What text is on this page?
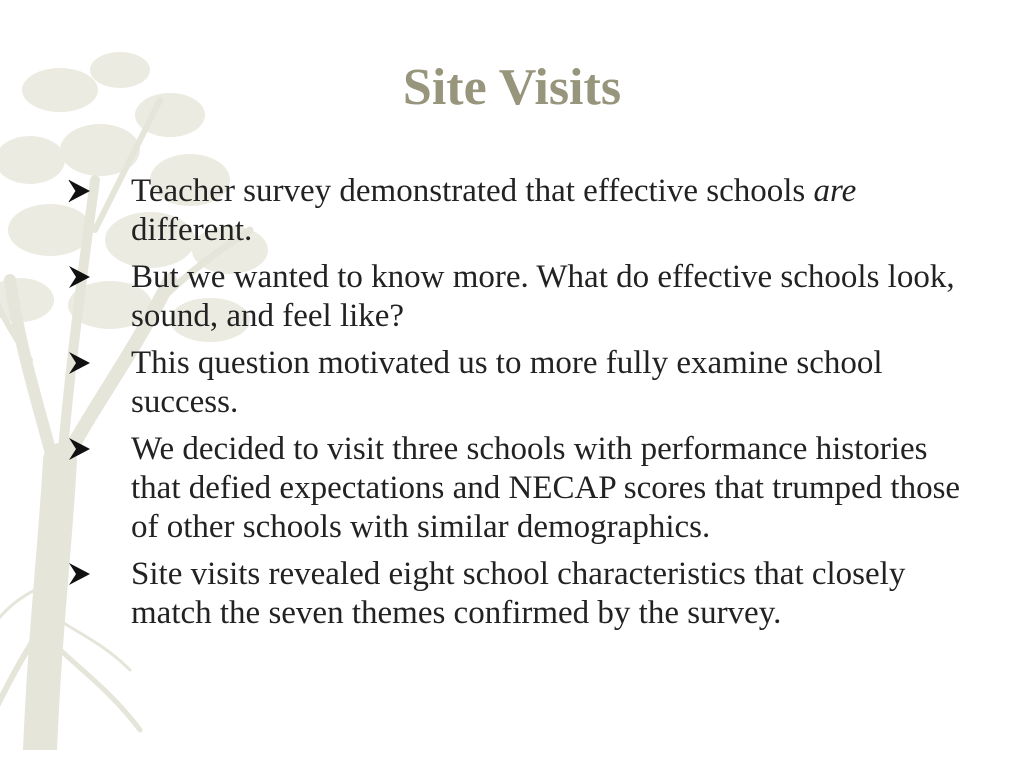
Site Visits
Teacher survey demonstrated that effective schools are different.
But we wanted to know more. What do effective schools look, sound, and feel like?
This question motivated us to more fully examine school success.
We decided to visit three schools with performance histories that defied expectations and NECAP scores that trumped those of other schools with similar demographics.
Site visits revealed eight school characteristics that closely match the seven themes confirmed by the survey.
